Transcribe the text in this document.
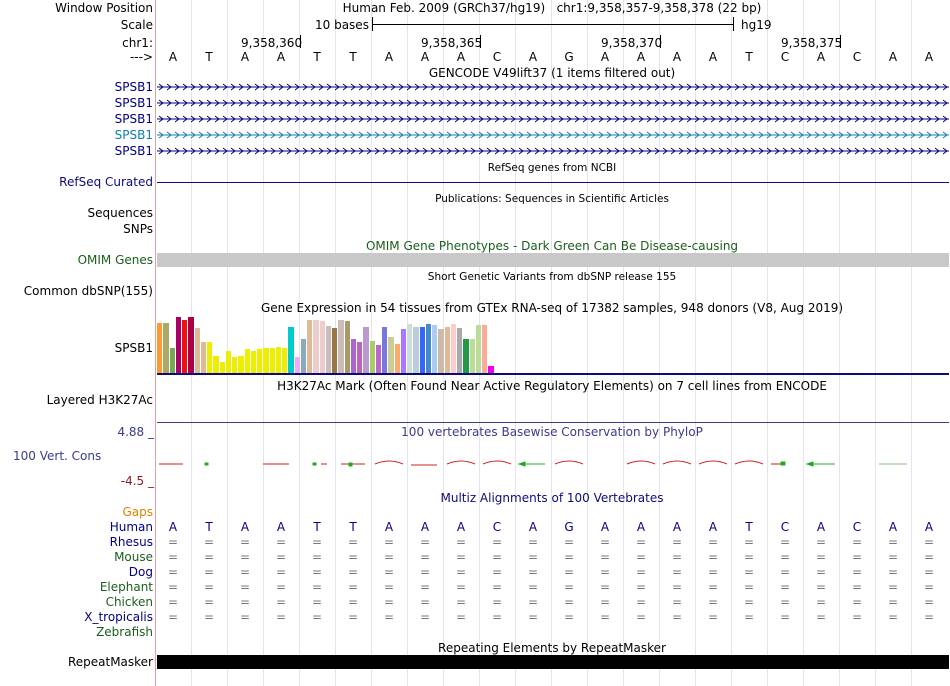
Window Position	Human Feb. 2009 (GRCh37/hg19)   chr1:9,358,357-9,358,378 (22 bp)
Scale	10 bases	hg19
chr1:	9,358,360	9,358,365	9,358,370	9,358,375
--->	A	T	A	A	T	T	A	A	A	C	A	G	A	A	A	A	T	C	A	C	A	A
GENCODE V49lift37 (1 items filtered out)
SPSB1
SPSB1
SPSB1
SPSB1
SPSB1
RefSeq genes from NCBI
RefSeq Curated
Publications: Sequences in Scientific Articles
Sequences
SNPs
OMIM Gene Phenotypes - Dark Green Can Be Disease-causing
OMIM Genes
Short Genetic Variants from dbSNP release 155
Common dbSNP(155)
Gene Expression in 54 tissues from GTEx RNA-seq of 17382 samples, 948 donors (V8, Aug 2019)
SPSB1
H3K27Ac Mark (Often Found Near Active Regulatory Elements) on 7 cell lines from ENCODE
Layered H3K27Ac
100 vertebrates Basewise Conservation by PhyloP
4.88 _
100 Vert. Cons
-4.5 _
Multiz Alignments of 100 Vertebrates
Gaps
Human	A	T	A	A	T	T	A	A	A	C	A	G	A	A	A	A	T	C	A	C	A	A
Rhesus	=	=	=	=	=	=	=	=	=	=	=	=	=	=	=	=	=	=	=	=	=	=
Mouse	=	=	=	=	=	=	=	=	=	=	=	=	=	=	=	=	=	=	=	=	=	=
Dog	=	=	=	=	=	=	=	=	=	=	=	=	=	=	=	=	=	=	=	=	=	=
Elephant	=	=	=	=	=	=	=	=	=	=	=	=	=	=	=	=	=	=	=	=	=	=
Chicken	=	=	=	=	=	=	=	=	=	=	=	=	=	=	=	=	=	=	=	=	=	=
X_tropicalis	=	=	=	=	=	=	=	=	=	=	=	=	=	=	=	=	=	=	=	=	=	=
Zebrafish
Repeating Elements by RepeatMasker
RepeatMasker
